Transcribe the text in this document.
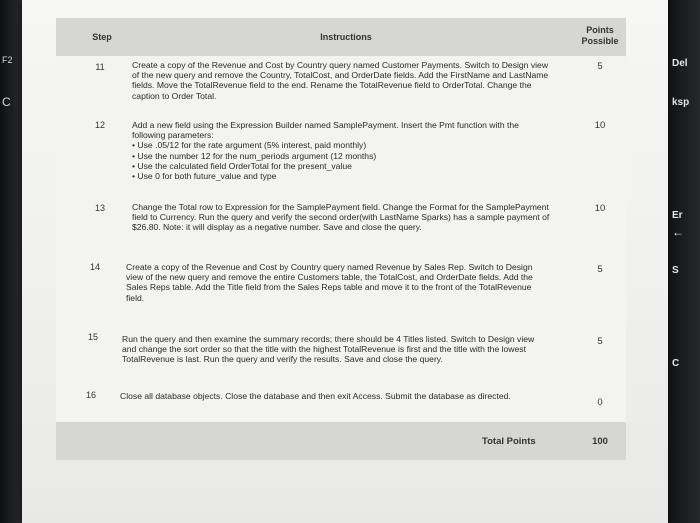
F2
C
Del
ksp
Er
←
S
C
Step	Instructions
Points Possible
11	Create a copy of the Revenue and Cost by Country query named Customer Payments. Switch to Design view of the new query and remove the Country, TotalCost, and OrderDate fields. Add the FirstName and LastName fields. Move the TotalRevenue field to the end. Rename the TotalRevenue field to OrderTotal. Change the caption to Order Total.
5
12	Add a new field using the Expression Builder named SamplePayment. Insert the Pmt function with the following parameters:
• Use .05/12 for the rate argument (5% interest, paid monthly)
• Use the number 12 for the num_periods argument (12 months)
• Use the calculated field OrderTotal for the present_value
• Use 0 for both future_value and type
10
13	Change the Total row to Expression for the SamplePayment field. Change the Format for the SamplePayment field to Currency. Run the query and verify the second order(with LastName Sparks) has a sample payment of $26.80. Note: it will display as a negative number. Save and close the query.
10
14	Create a copy of the Revenue and Cost by Country query named Revenue by Sales Rep. Switch to Design view of the new query and remove the entire Customers table, the TotalCost, and OrderDate fields. Add the Sales Reps table. Add the Title field from the Sales Reps table and move it to the front of the TotalRevenue field.
5
15	Run the query and then examine the summary records; there should be 4 Titles listed. Switch to Design view and change the sort order so that the title with the highest TotalRevenue is first and the title with the lowest TotalRevenue is last. Run the query and verify the results. Save and close the query.
5
16	Close all database objects. Close the database and then exit Access. Submit the database as directed.
0
Total Points	100
